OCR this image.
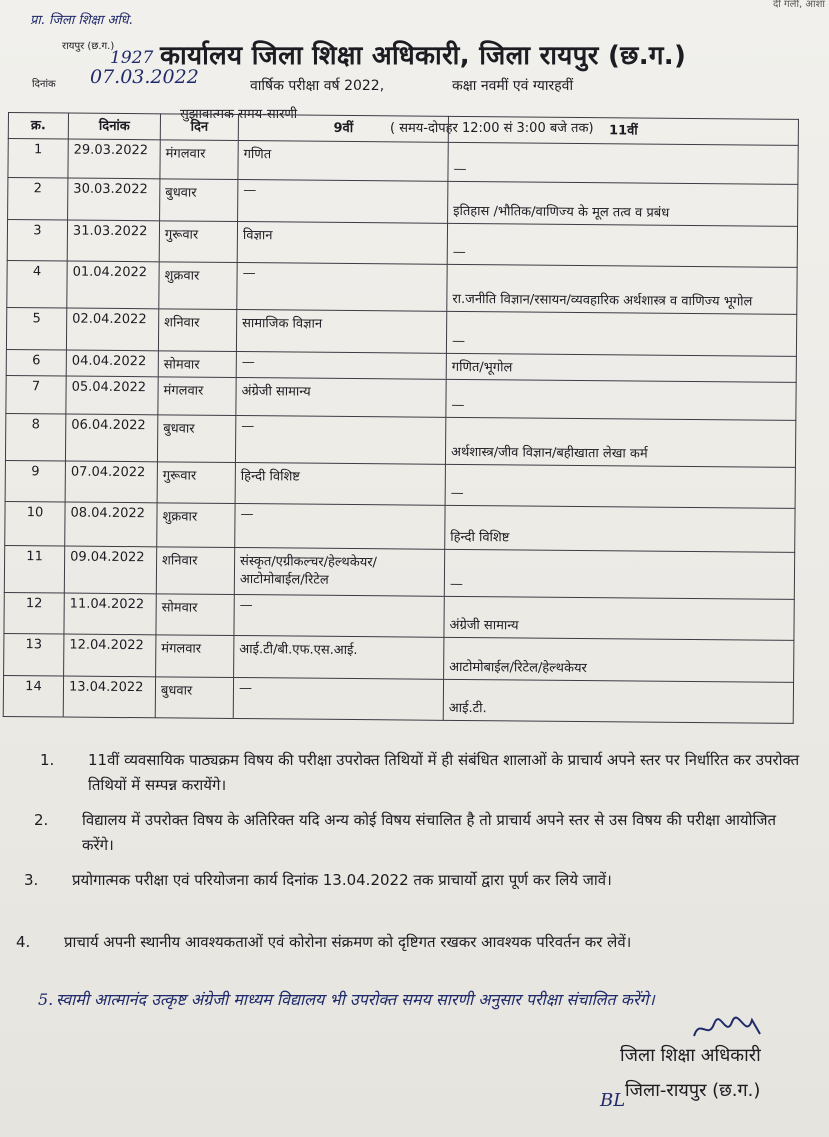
दी गली, आशा
प्रा. जिला शिक्षा अधि.
रायपुर (छ.ग.)
1927
दिनांक 07.03.2022
कार्यालय जिला शिक्षा अधिकारी, जिला रायपुर (छ.ग.)
वार्षिक परीक्षा वर्ष 2022,	कक्षा नवमीं एवं ग्यारहवीं
सुझावात्मक समय-सारणी
( समय-दोपहर 12:00 सं 3:00 बजे तक)
क्र.	दिनांक	दिन	9वीं	11वीं
1	29.03.2022	मंगलवार	गणित	—
2	30.03.2022	बुधवार	—	इतिहास /भौतिक/वाणिज्य के मूल तत्व व प्रबंध
3	31.03.2022	गुरूवार	विज्ञान	—
4	01.04.2022	शुक्रवार	—	रा.जनीति विज्ञान/रसायन/व्यवहारिक अर्थशास्त्र व वाणिज्य भूगोल
5	02.04.2022	शनिवार	सामाजिक विज्ञान	—
6	04.04.2022	सोमवार	—	गणित/भूगोल
7	05.04.2022	मंगलवार	अंग्रेजी सामान्य	—
8	06.04.2022	बुधवार	—	अर्थशास्त्र/जीव विज्ञान/बहीखाता लेखा कर्म
9	07.04.2022	गुरूवार	हिन्दी विशिष्ट	—
10	08.04.2022	शुक्रवार	—	हिन्दी विशिष्ट
11	09.04.2022	शनिवार	संस्कृत/एग्रीकल्चर/हेल्थकेयर/आटोमोबाईल/रिटेल	—
12	11.04.2022	सोमवार	—	अंग्रेजी सामान्य
13	12.04.2022	मंगलवार	आई.टी/बी.एफ.एस.आई.	आटोमोबाईल/रिटेल/हेल्थकेयर
14	13.04.2022	बुधवार	—	आई.टी.
1. 11वीं व्यवसायिक पाठ्यक्रम विषय की परीक्षा उपरोक्त तिथियों में ही संबंधित शालाओं के प्राचार्य अपने स्तर पर निर्धारित कर उपरोक्त तिथियों में सम्पन्न करायेंगे।
2. विद्यालय में उपरोक्त विषय के अतिरिक्त यदि अन्य कोई विषय संचालित है तो प्राचार्य अपने स्तर से उस विषय की परीक्षा आयोजित करेंगे।
3. प्रयोगात्मक परीक्षा एवं परियोजना कार्य दिनांक 13.04.2022 तक प्राचार्यो द्वारा पूर्ण कर लिये जावें।
4. प्राचार्य अपनी स्थानीय आवश्यकताओं एवं कोरोना संक्रमण को दृष्टिगत रखकर आवश्यक परिवर्तन कर लेवें।
5. स्वामी आत्मानंद उत्कृष्ट अंग्रेजी माध्यम विद्यालय भी उपरोक्त समय सारणी अनुसार परीक्षा संचालित करेंगे।
जिला शिक्षा अधिकारी
BL जिला-रायपुर (छ.ग.)
